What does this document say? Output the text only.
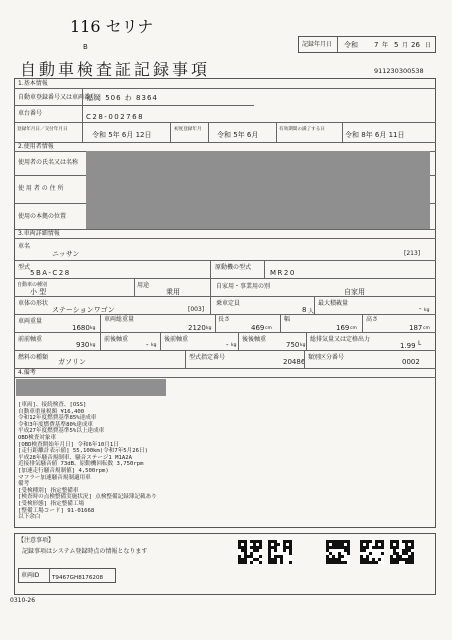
116 セリナ
B	記録年月日 令和 7 年 5 月 26 日
自動車検査証記録事項	911230300538
1.基本情報
自動車登録番号又は車両番号
福岡 506 わ 8364
車台番号	C28-002768
登録年月日／交付年月日
令和 5年 6月 12日
初度登録年月
令和 5年 6月
有効期間の満了する日
令和 8年 6月 11日
2.使用者情報
使用者の氏名又は名称
使 用 者 の 住 所
使用の本拠の位置
3.車両詳細情報
車名
ニッサン	[213]
型式
5BA-C28
原動機の型式
MR20
自動車の種別
小 型
用途
乗用
自家用・事業用の別
自家用
車体の形状
ステーションワゴン	[003]
乗車定員
8 人
最大積載量
- kg
車両重量
1680 kg
車両総重量
2120 kg
長さ
469 cm
幅
169 cm
高さ
187 cm
前前軸重
930 kg
前後軸重
- kg
後前軸重
- kg
後後軸重
750 kg
総排気量又は定格出力
1.99 L
燃料の種類
ガソリン
型式指定番号
20486
類別区分番号
0002
4.備考
[車両]、接続検査、[OSS]
自動車重量税額 ¥16,400
令和12年度燃費基準85%達成車
令和3年度燃費基準80%達成車
平成27年度燃費基準5%以上達成車
OBD検査対象車
[OBD検査開始年月日] 令和6年10月1日
[走行距離計表示値] 55,100km(令和7年5月26日)
平成28年騒音規制車、騒音ステージ1 M1A2A
近接排気騒音値 73dB、原動機回転数 3,750rpm
[加速走行騒音規制値] 4,500rpm)
マフラー加速騒音規制適用車
備考
[受検種別] 指定整備車
[検査時の点検整備実施状況] 点検整備記録簿記載あり
[受検形態] 指定整備工場
[整備工場コード] 91-01668
以下余白
【注意事項】
記録事項はシステム登録時点の情報となります
車両ID T9467GH8176208
0310-26
